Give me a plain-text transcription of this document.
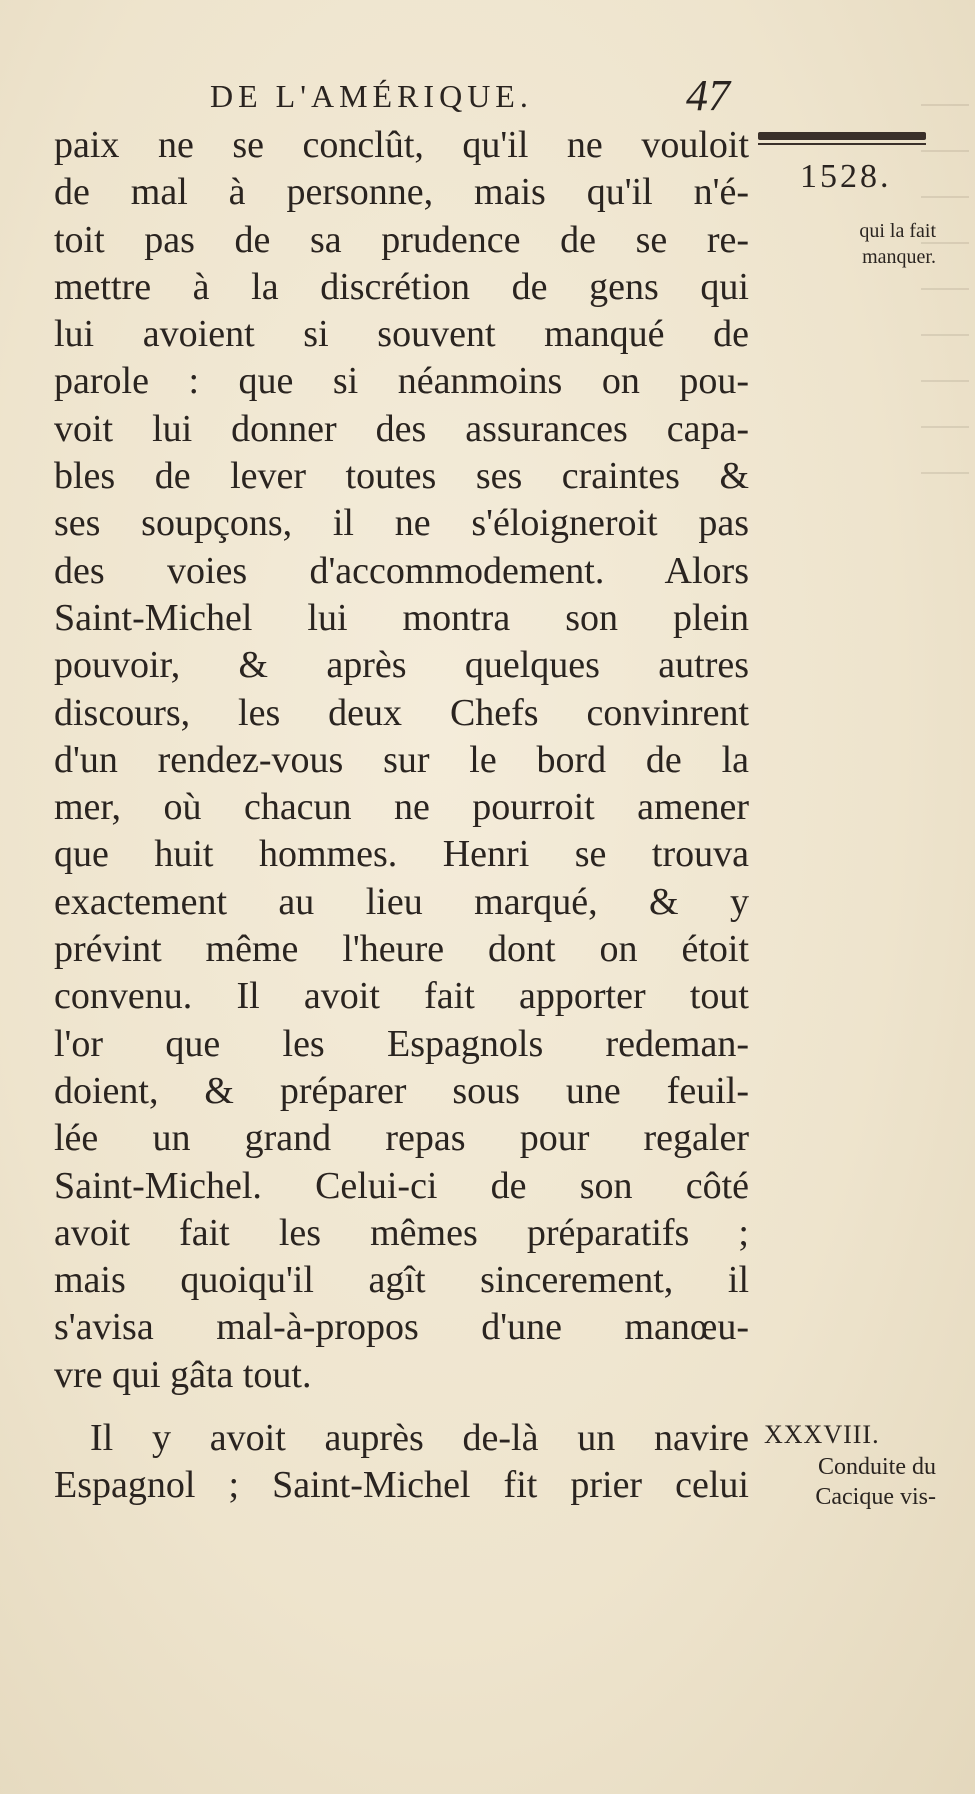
DE L'AMÉRIQUE.	47
1528.
qui la fait
manquer.
XXXVIII.
Conduite du
Cacique vis-
paix ne se conclût, qu'il ne vouloit
de mal à personne, mais qu'il n'é-
toit pas de sa prudence de se re-
mettre à la discrétion de gens qui
lui avoient si souvent manqué de
parole : que si néanmoins on pou-
voit lui donner des assurances capa-
bles de lever toutes ses craintes &
ses soupçons, il ne s'éloigneroit pas
des voies d'accommodement. Alors
Saint-Michel lui montra son plein
pouvoir, & après quelques autres
discours, les deux Chefs convinrent
d'un rendez-vous sur le bord de la
mer, où chacun ne pourroit amener
que huit hommes. Henri se trouva
exactement au lieu marqué, & y
prévint même l'heure dont on étoit
convenu. Il avoit fait apporter tout
l'or que les Espagnols redeman-
doient, & préparer sous une feuil-
lée un grand repas pour regaler
Saint-Michel. Celui-ci de son côté
avoit fait les mêmes préparatifs ;
mais quoiqu'il agît sincerement, il
s'avisa mal-à-propos d'une manœu-
vre qui gâta tout.
Il y avoit auprès de-là un navire
Espagnol ; Saint-Michel fit prier celui
